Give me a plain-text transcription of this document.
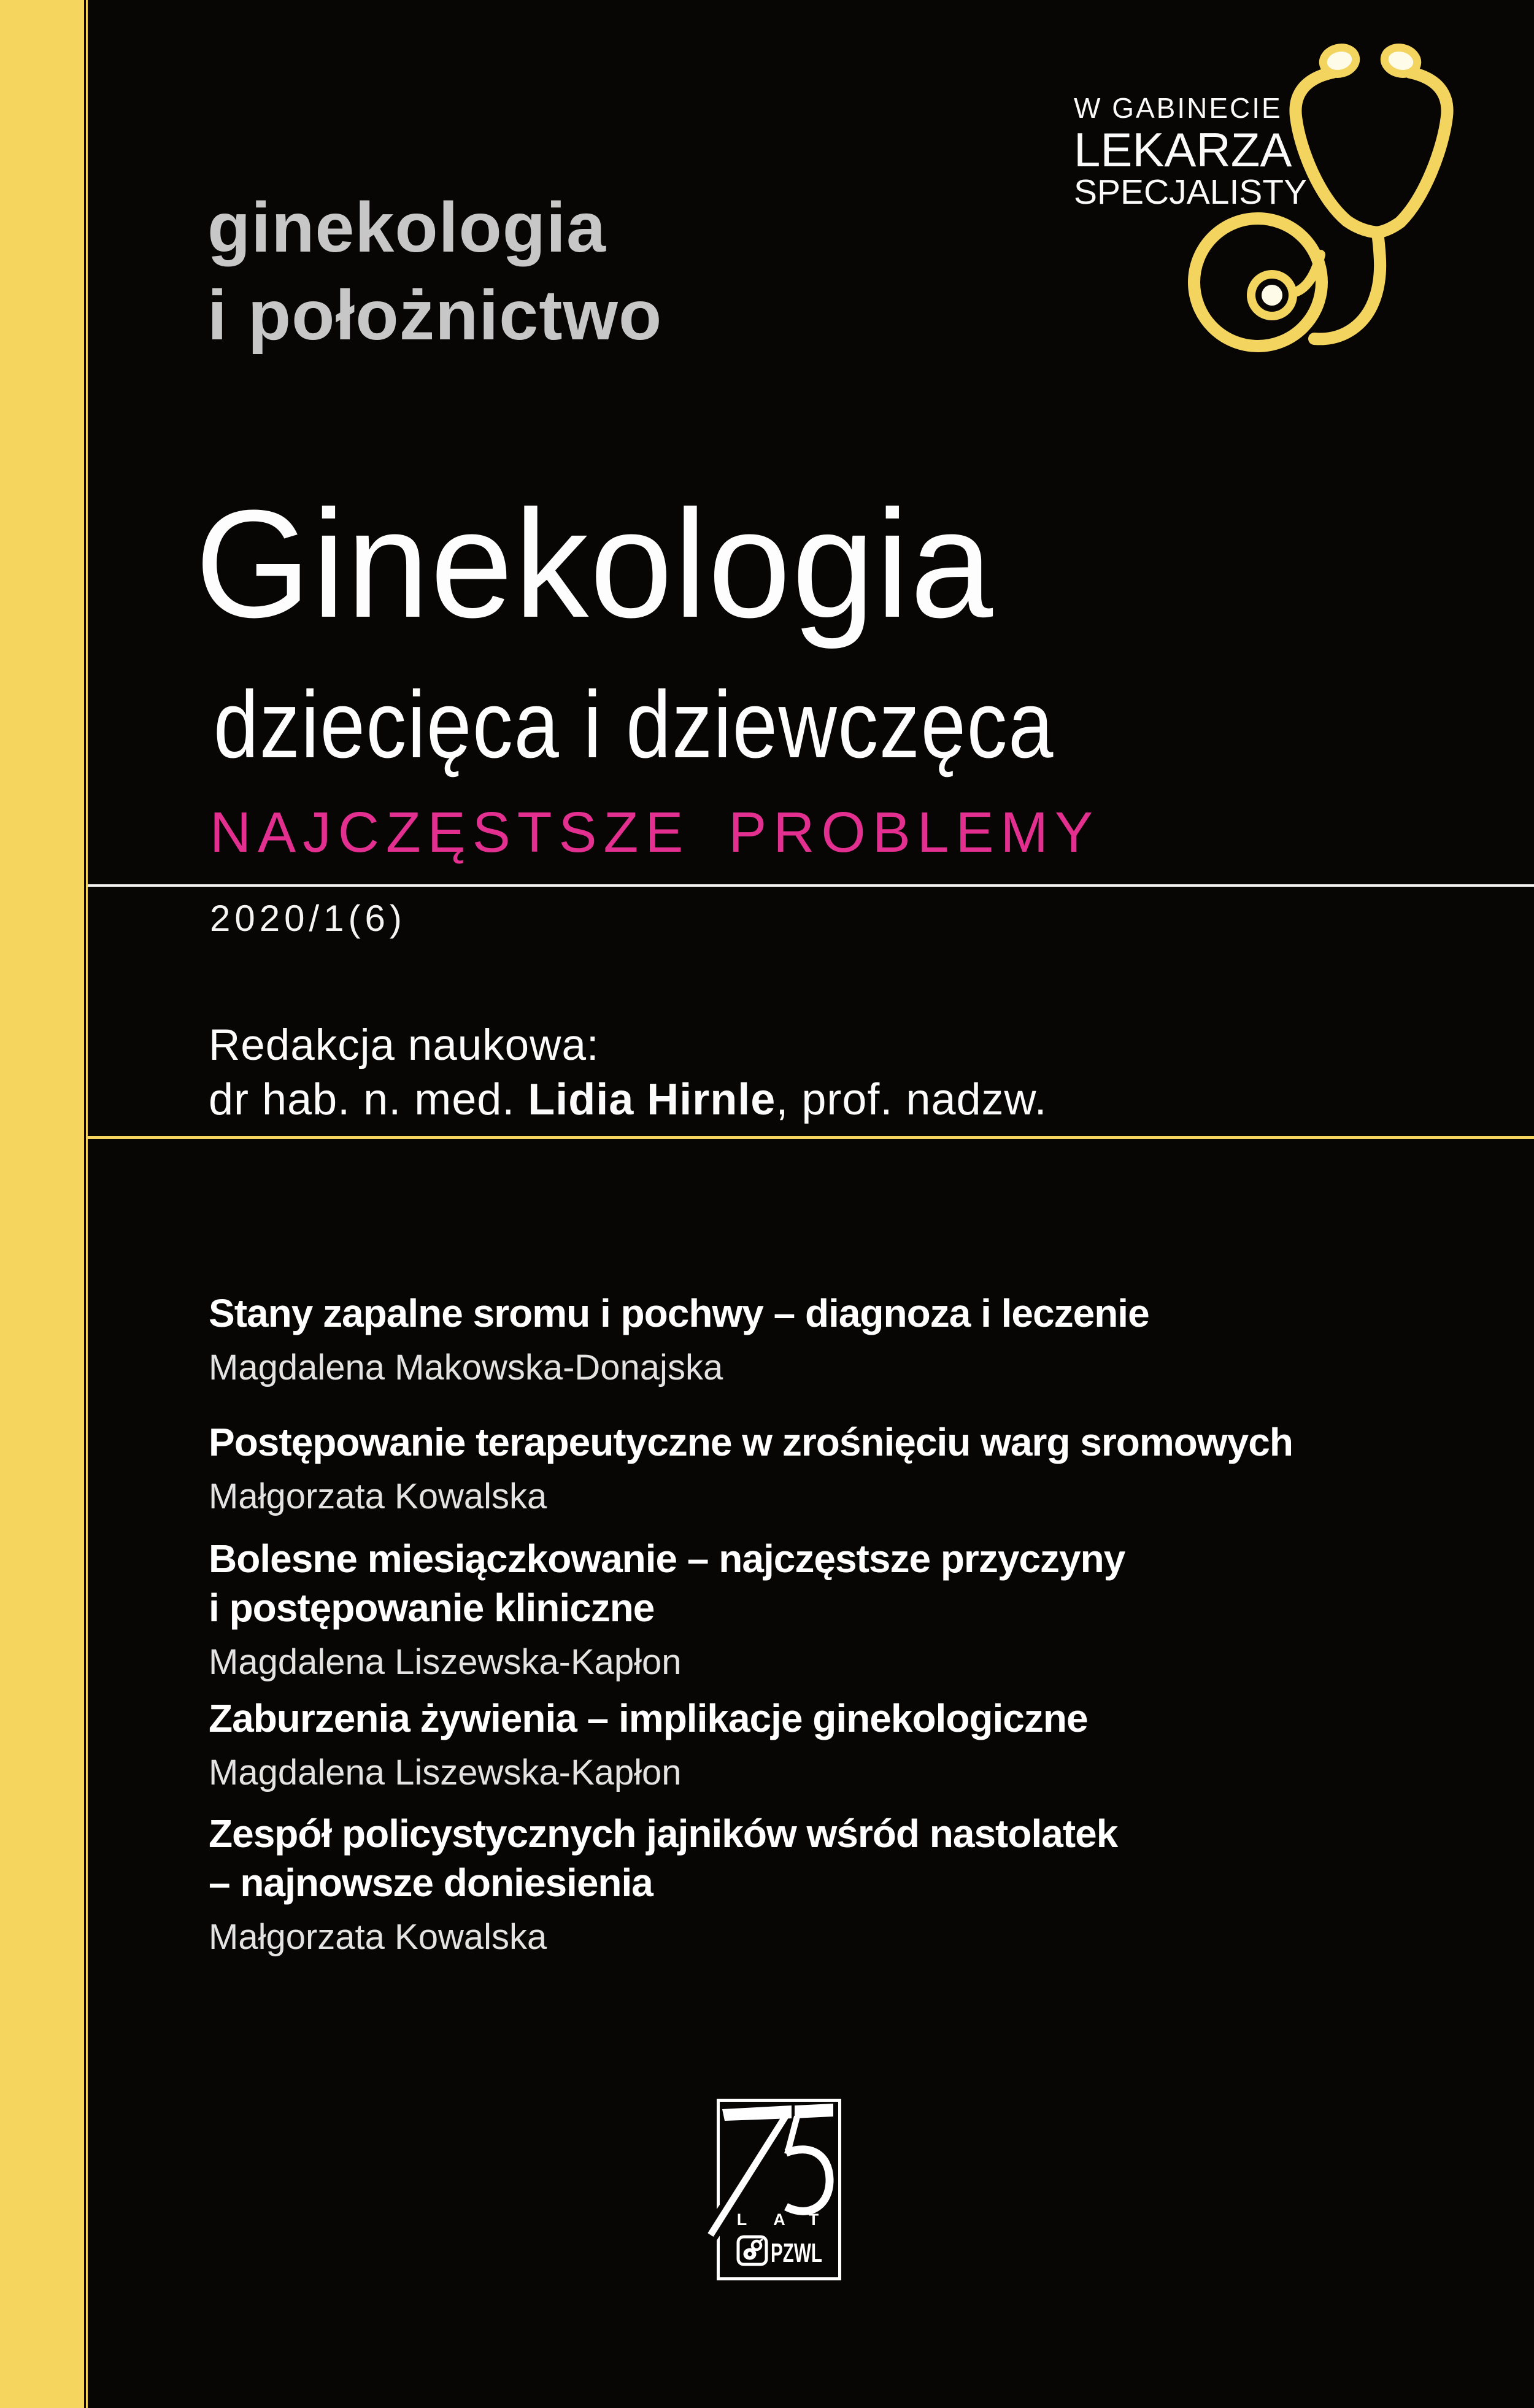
ginekologia
i położnictwo
W GABINECIE
LEKARZA
SPECJALISTY
Ginekologia
dziecięca i dziewczęca
NAJCZĘSTSZE PROBLEMY
2020/1(6)
Redakcja naukowa:
dr hab. n. med. Lidia Hirnle, prof. nadzw.
Stany zapalne sromu i pochwy – diagnoza i leczenie
Magdalena Makowska-Donajska
Postępowanie terapeutyczne w zrośnięciu warg sromowych
Małgorzata Kowalska
Bolesne miesiączkowanie – najczęstsze przyczyny
i postępowanie kliniczne
Magdalena Liszewska-Kapłon
Zaburzenia żywienia – implikacje ginekologiczne
Magdalena Liszewska-Kapłon
Zespół policystycznych jajników wśród nastolatek
– najnowsze doniesienia
Małgorzata Kowalska
L A T
PZWL
